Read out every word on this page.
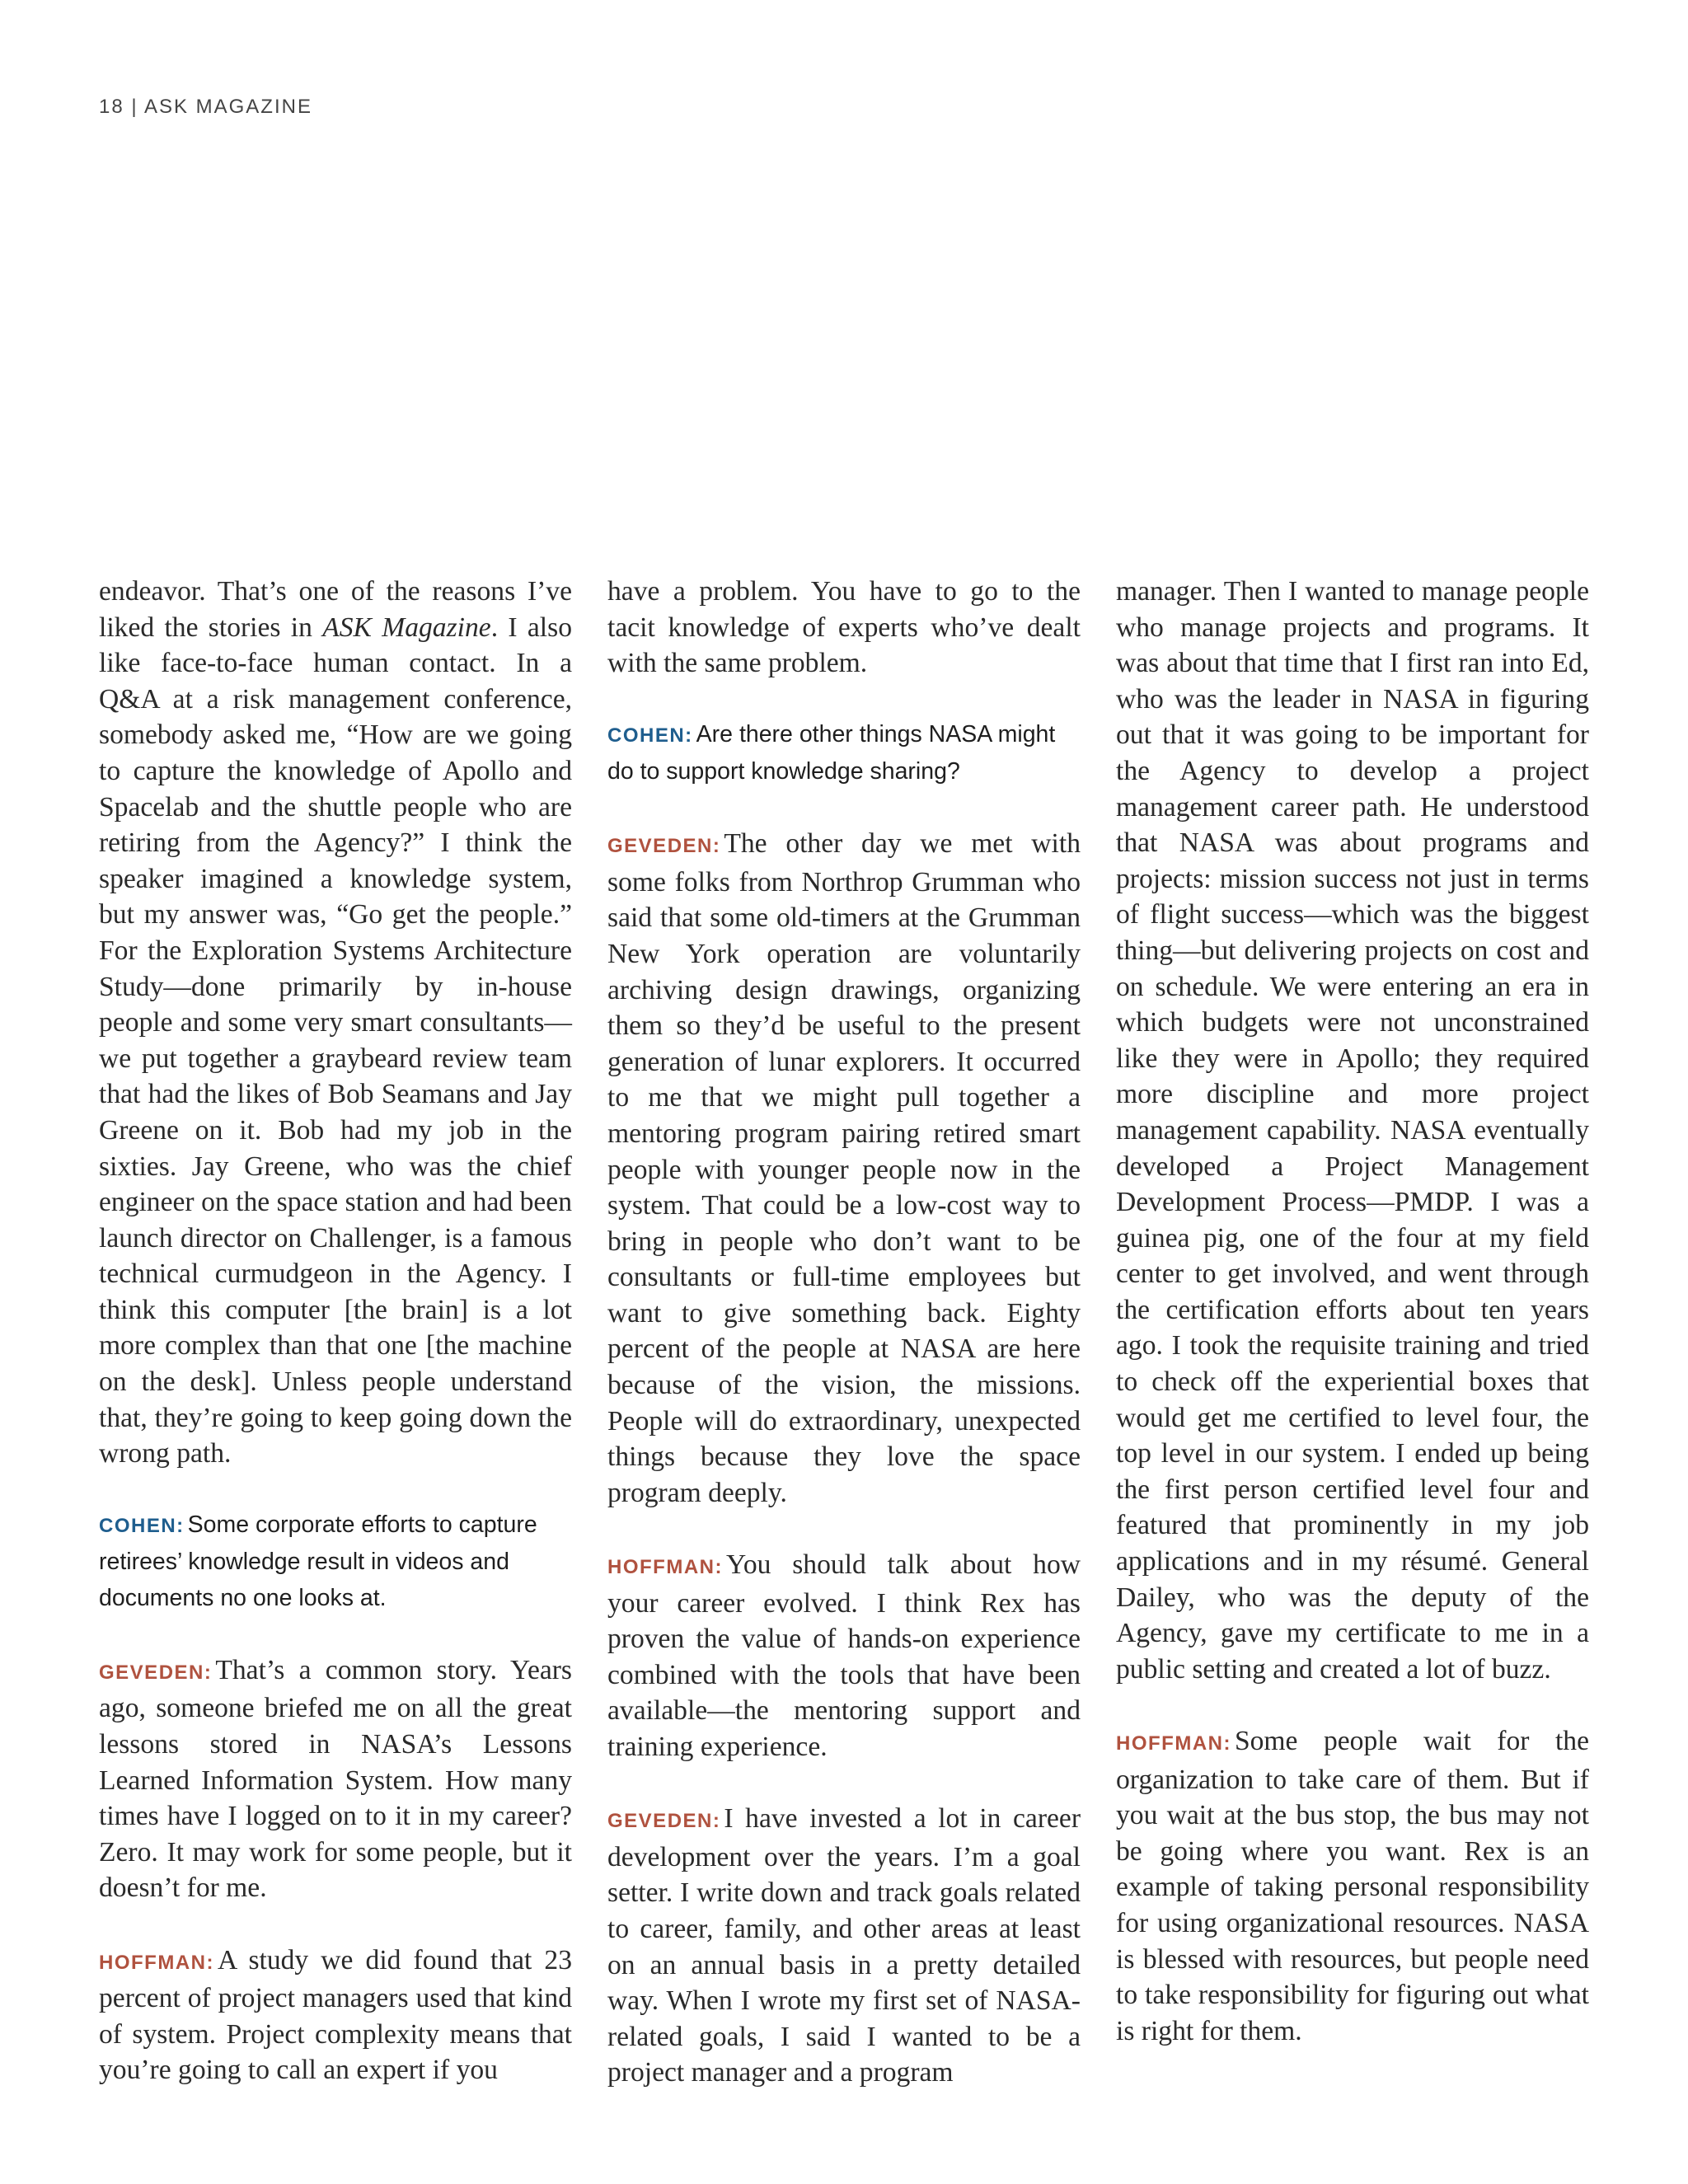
18 | ASK MAGAZINE

endeavor. That’s one of the reasons I’ve liked the stories in ASK Magazine. I also like face-to-face human contact. In a Q&A at a risk management conference, somebody asked me, “How are we going to capture the knowledge of Apollo and Spacelab and the shuttle people who are retiring from the Agency?” I think the speaker imagined a knowledge system, but my answer was, “Go get the people.” For the Exploration Systems Architecture Study—done primarily by in-house people and some very smart consultants—we put together a graybeard review team that had the likes of Bob Seamans and Jay Greene on it. Bob had my job in the sixties. Jay Greene, who was the chief engineer on the space station and had been launch director on Challenger, is a famous technical curmudgeon in the Agency. I think this computer [the brain] is a lot more complex than that one [the machine on the desk]. Unless people understand that, they’re going to keep going down the wrong path.

COHEN: Some corporate efforts to capture retirees’ knowledge result in videos and documents no one looks at.

GEVEDEN: That’s a common story. Years ago, someone briefed me on all the great lessons stored in NASA’s Lessons Learned Information System. How many times have I logged on to it in my career? Zero. It may work for some people, but it doesn’t for me.

HOFFMAN: A study we did found that 23 percent of project managers used that kind of system. Project complexity means that you’re going to call an expert if you

have a problem. You have to go to the tacit knowledge of experts who’ve dealt with the same problem.

COHEN: Are there other things NASA might do to support knowledge sharing?

GEVEDEN: The other day we met with some folks from Northrop Grumman who said that some old-timers at the Grumman New York operation are voluntarily archiving design drawings, organizing them so they’d be useful to the present generation of lunar explorers. It occurred to me that we might pull together a mentoring program pairing retired smart people with younger people now in the system. That could be a low-cost way to bring in people who don’t want to be consultants or full-time employees but want to give something back. Eighty percent of the people at NASA are here because of the vision, the missions. People will do extraordinary, unexpected things because they love the space program deeply.

HOFFMAN: You should talk about how your career evolved. I think Rex has proven the value of hands-on experience combined with the tools that have been available—the mentoring support and training experience.

GEVEDEN: I have invested a lot in career development over the years. I’m a goal setter. I write down and track goals related to career, family, and other areas at least on an annual basis in a pretty detailed way. When I wrote my first set of NASA-related goals, I said I wanted to be a project manager and a program

manager. Then I wanted to manage people who manage projects and programs. It was about that time that I first ran into Ed, who was the leader in NASA in figuring out that it was going to be important for the Agency to develop a project management career path. He understood that NASA was about programs and projects: mission success not just in terms of flight success—which was the biggest thing—but delivering projects on cost and on schedule. We were entering an era in which budgets were not unconstrained like they were in Apollo; they required more discipline and more project management capability. NASA eventually developed a Project Management Development Process—PMDP. I was a guinea pig, one of the four at my field center to get involved, and went through the certification efforts about ten years ago. I took the requisite training and tried to check off the experiential boxes that would get me certified to level four, the top level in our system. I ended up being the first person certified level four and featured that prominently in my job applications and in my résumé. General Dailey, who was the deputy of the Agency, gave my certificate to me in a public setting and created a lot of buzz.

HOFFMAN: Some people wait for the organization to take care of them. But if you wait at the bus stop, the bus may not be going where you want. Rex is an example of taking personal responsibility for using organizational resources. NASA is blessed with resources, but people need to take responsibility for figuring out what is right for them.
